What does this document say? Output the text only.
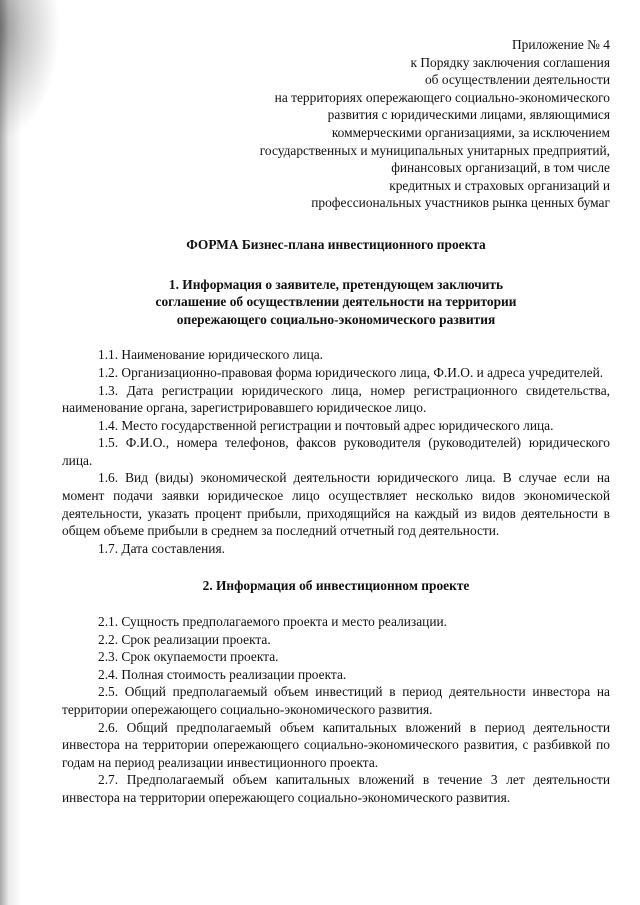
Приложение № 4
к Порядку заключения соглашения
об осуществлении деятельности
на территориях опережающего социально-экономического
развития с юридическими лицами, являющимися
коммерческими организациями, за исключением
государственных и муниципальных унитарных предприятий,
финансовых организаций, в том числе
кредитных и страховых организаций и
профессиональных участников рынка ценных бумаг
ФОРМА Бизнес-плана инвестиционного проекта
1. Информация о заявителе, претендующем заключить
соглашение об осуществлении деятельности на территории
опережающего социально-экономического развития

1.1. Наименование юридического лица.

1.2. Организационно-правовая форма юридического лица, Ф.И.О. и адреса учредителей.

1.3. Дата регистрации юридического лица, номер регистрационного свидетельства, наименование органа, зарегистрировавшего юридическое лицо.

1.4. Место государственной регистрации и почтовый адрес юридического лица.

1.5. Ф.И.О., номера телефонов, факсов руководителя (руководителей) юридического лица.

1.6. Вид (виды) экономической деятельности юридического лица. В случае если на момент подачи заявки юридическое лицо осуществляет несколько видов экономической деятельности, указать процент прибыли, приходящийся на каждый из видов деятельности в общем объеме прибыли в среднем за последний отчетный год деятельности.

1.7. Дата составления.

2. Информация об инвестиционном проекте

2.1. Сущность предполагаемого проекта и место реализации.

2.2. Срок реализации проекта.

2.3. Срок окупаемости проекта.

2.4. Полная стоимость реализации проекта.

2.5. Общий предполагаемый объем инвестиций в период деятельности инвестора на территории опережающего социально-экономического развития.

2.6. Общий предполагаемый объем капитальных вложений в период деятельности инвестора на территории опережающего социально-экономического развития, с разбивкой по годам на период реализации инвестиционного проекта.

2.7. Предполагаемый объем капитальных вложений в течение 3 лет деятельности инвестора на территории опережающего социально-экономического развития.
